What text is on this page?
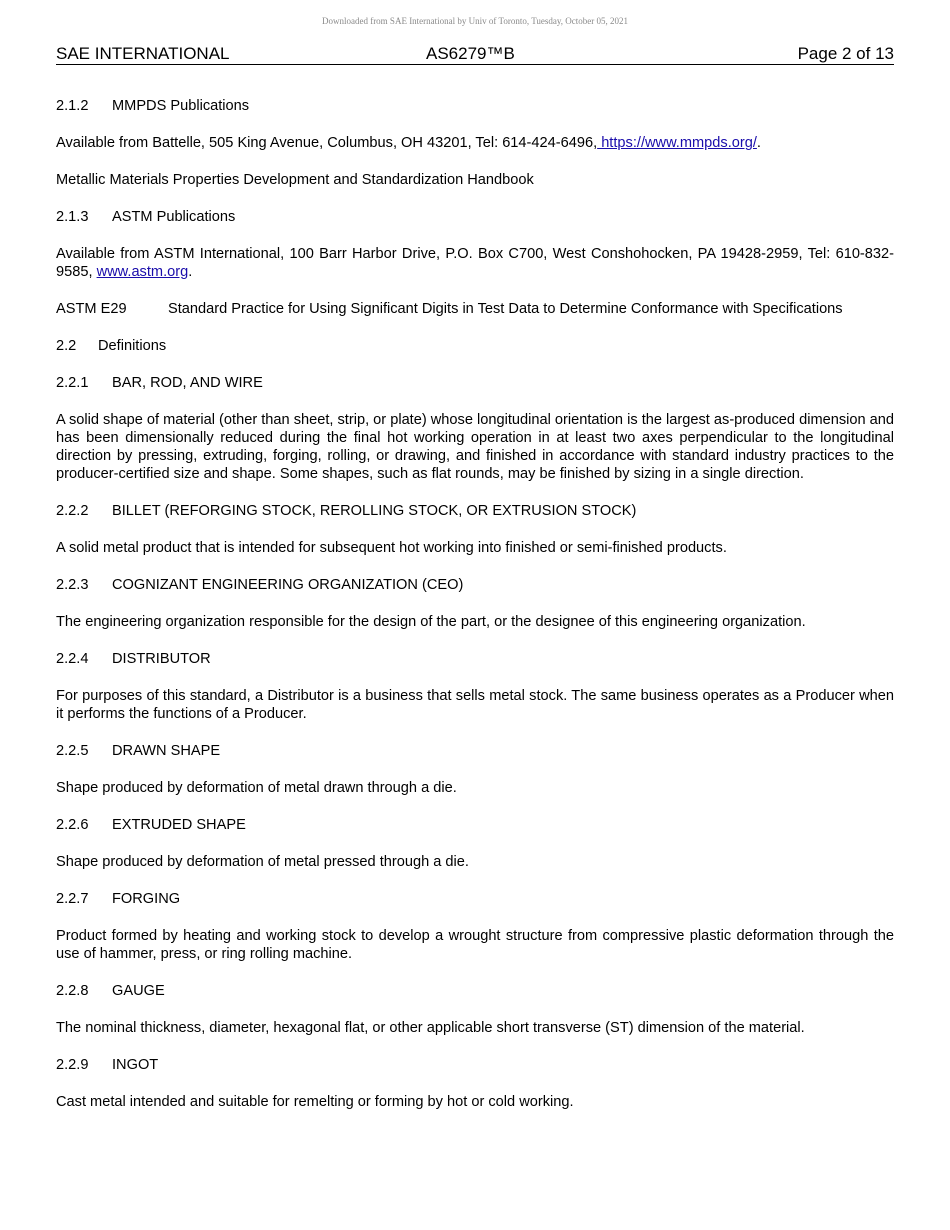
Downloaded from SAE International by Univ of Toronto, Tuesday, October 05, 2021
SAE INTERNATIONAL	AS6279™B	Page 2 of 13
2.1.2 MMPDS Publications
Available from Battelle, 505 King Avenue, Columbus, OH 43201, Tel: 614-424-6496, https://www.mmpds.org/.
Metallic Materials Properties Development and Standardization Handbook
2.1.3 ASTM Publications
Available from ASTM International, 100 Barr Harbor Drive, P.O. Box C700, West Conshohocken, PA 19428-2959, Tel: 610-832-9585, www.astm.org.
ASTM E29	Standard Practice for Using Significant Digits in Test Data to Determine Conformance with Specifications
2.2 Definitions
2.2.1 BAR, ROD, AND WIRE
A solid shape of material (other than sheet, strip, or plate) whose longitudinal orientation is the largest as-produced dimension and has been dimensionally reduced during the final hot working operation in at least two axes perpendicular to the longitudinal direction by pressing, extruding, forging, rolling, or drawing, and finished in accordance with standard industry practices to the producer-certified size and shape. Some shapes, such as flat rounds, may be finished by sizing in a single direction.
2.2.2 BILLET (REFORGING STOCK, REROLLING STOCK, OR EXTRUSION STOCK)
A solid metal product that is intended for subsequent hot working into finished or semi-finished products.
2.2.3 COGNIZANT ENGINEERING ORGANIZATION (CEO)
The engineering organization responsible for the design of the part, or the designee of this engineering organization.
2.2.4 DISTRIBUTOR
For purposes of this standard, a Distributor is a business that sells metal stock. The same business operates as a Producer when it performs the functions of a Producer.
2.2.5 DRAWN SHAPE
Shape produced by deformation of metal drawn through a die.
2.2.6 EXTRUDED SHAPE
Shape produced by deformation of metal pressed through a die.
2.2.7 FORGING
Product formed by heating and working stock to develop a wrought structure from compressive plastic deformation through the use of hammer, press, or ring rolling machine.
2.2.8 GAUGE
The nominal thickness, diameter, hexagonal flat, or other applicable short transverse (ST) dimension of the material.
2.2.9 INGOT
Cast metal intended and suitable for remelting or forming by hot or cold working.
